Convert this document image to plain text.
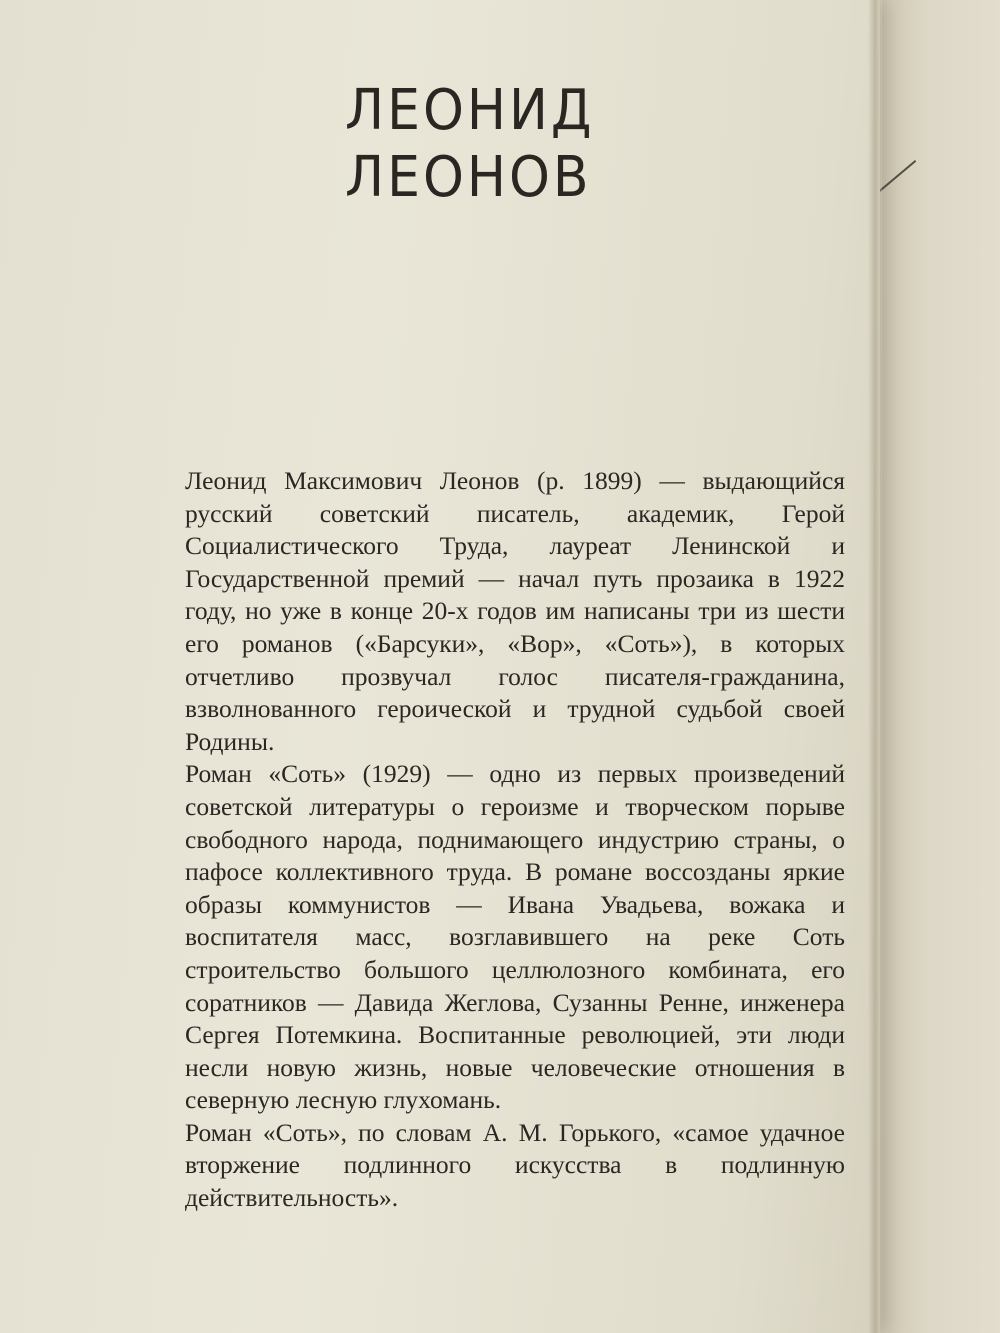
ЛЕОНИД
ЛЕОНОВ

Леонид Максимович Леонов (р. 1899) — выдающийся русский советский писатель, академик, Герой Социалистического Труда, лауреат Ленинской и Государственной премий — начал путь прозаика в 1922 году, но уже в конце 20-х годов им написаны три из шести его романов («Барсуки», «Вор», «Соть»), в которых отчетливо прозвучал голос писателя-гражданина, взволнованного героической и трудной судьбой своей Родины.

Роман «Соть» (1929) — одно из первых произведений советской литературы о героизме и творческом порыве свободного народа, поднимающего индустрию страны, о пафосе коллективного труда. В романе воссозданы яркие образы коммунистов — Ивана Увадьева, вожака и воспитателя масс, возглавившего на реке Соть строительство большого целлюлозного комбината, его соратников — Давида Жеглова, Сузанны Ренне, инженера Сергея Потемкина. Воспитанные революцией, эти люди несли новую жизнь, новые человеческие отношения в северную лесную глухомань.

Роман «Соть», по словам А. М. Горького, «самое удачное вторжение подлинного искусства в подлинную действительность».
